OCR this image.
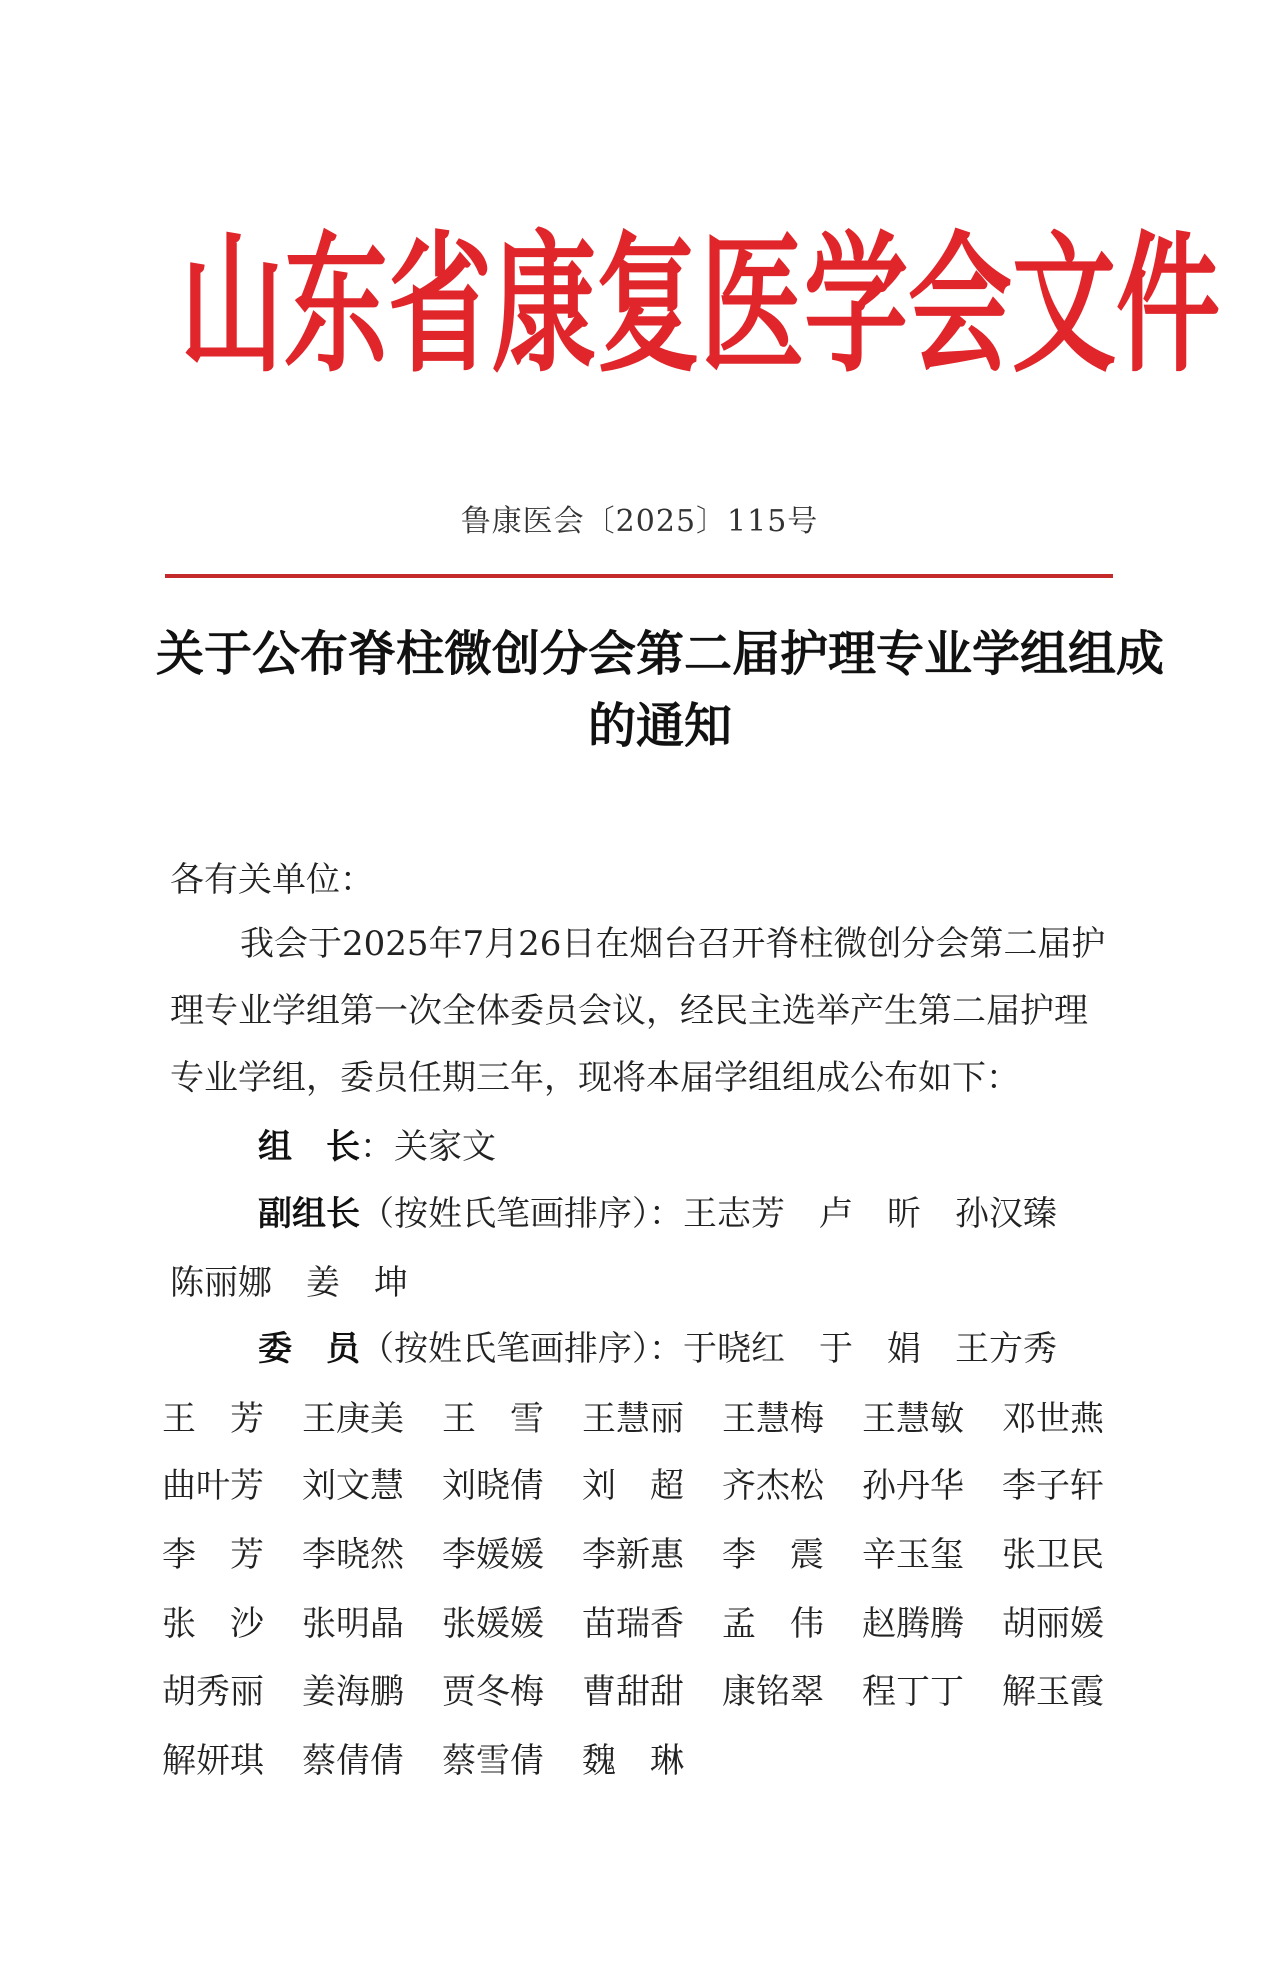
山东省康复医学会文件
鲁康医会〔2025〕115号
关于公布脊柱微创分会第二届护理专业学组组成
的通知
各有关单位：
我会于2025年7月26日在烟台召开脊柱微创分会第二届护
理专业学组第一次全体委员会议，经民主选举产生第二届护理
专业学组，委员任期三年，现将本届学组组成公布如下：
组　长：关家文
副组长（按姓氏笔画排序）：王志芳　卢　昕　孙汉臻
陈丽娜　姜　坤
委　员（按姓氏笔画排序）：于晓红　于　娟　王方秀
王　芳	王庚美	王　雪	王慧丽	王慧梅	王慧敏	邓世燕
曲叶芳	刘文慧	刘晓倩	刘　超	齐杰松	孙丹华	李子轩
李　芳	李晓然	李媛媛	李新惠	李　震	辛玉玺	张卫民
张　沙	张明晶	张媛媛	苗瑞香	孟　伟	赵腾腾	胡丽媛
胡秀丽	姜海鹏	贾冬梅	曹甜甜	康铭翠	程丁丁	解玉霞
解妍琪	蔡倩倩	蔡雪倩	魏　琳
